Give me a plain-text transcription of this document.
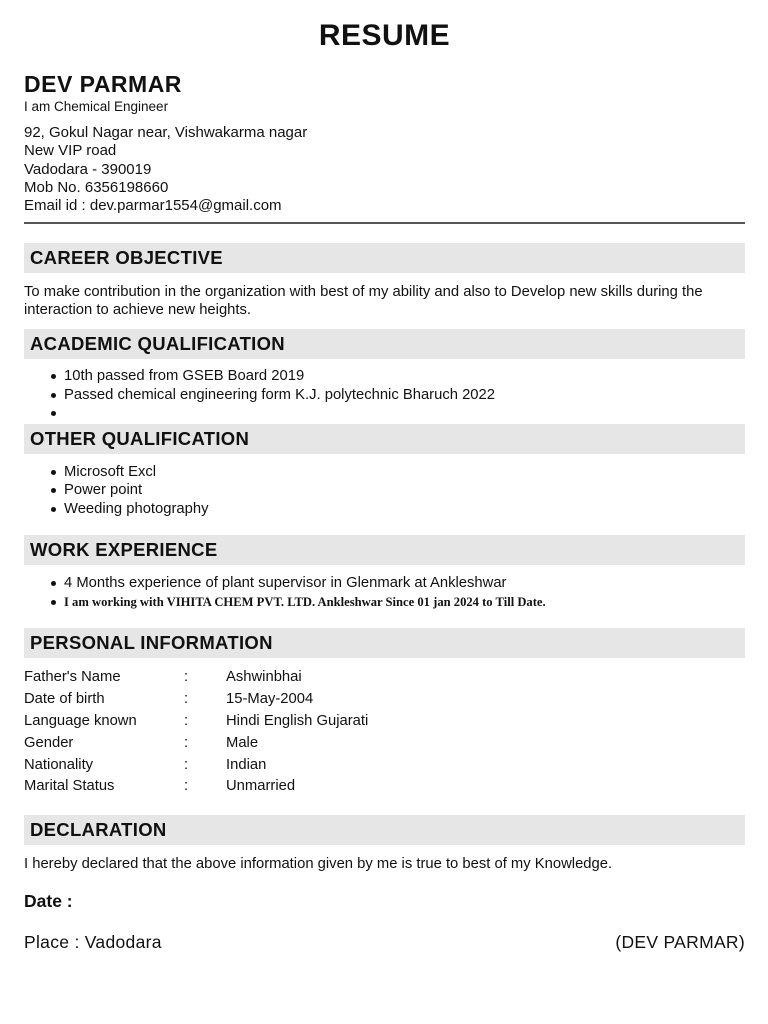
RESUME
DEV PARMAR
I am Chemical Engineer
92, Gokul Nagar near, Vishwakarma nagar
New VIP road
Vadodara - 390019
Mob No. 6356198660
Email id : dev.parmar1554@gmail.com
CAREER OBJECTIVE
To make contribution in the organization with best of my ability and also to Develop new skills during the interaction to achieve new heights.
ACADEMIC QUALIFICATION
10th passed from GSEB Board 2019
Passed chemical engineering form K.J. polytechnic Bharuch 2022
OTHER QUALIFICATION
Microsoft Excl
Power point
Weeding photography
WORK EXPERIENCE
4 Months experience of plant supervisor in Glenmark at Ankleshwar
I am working with VIHITA CHEM PVT. LTD. Ankleshwar Since 01 jan 2024 to Till Date.
PERSONAL INFORMATION
Father's Name	:	Ashwinbhai
Date of birth	:	15-May-2004
Language known	:	Hindi English Gujarati
Gender	:	Male
Nationality	:	Indian
Marital Status	:	Unmarried
DECLARATION
I hereby declared that the above information given by me is true to best of my Knowledge.
Date :
Place : Vadodara	(DEV PARMAR)
